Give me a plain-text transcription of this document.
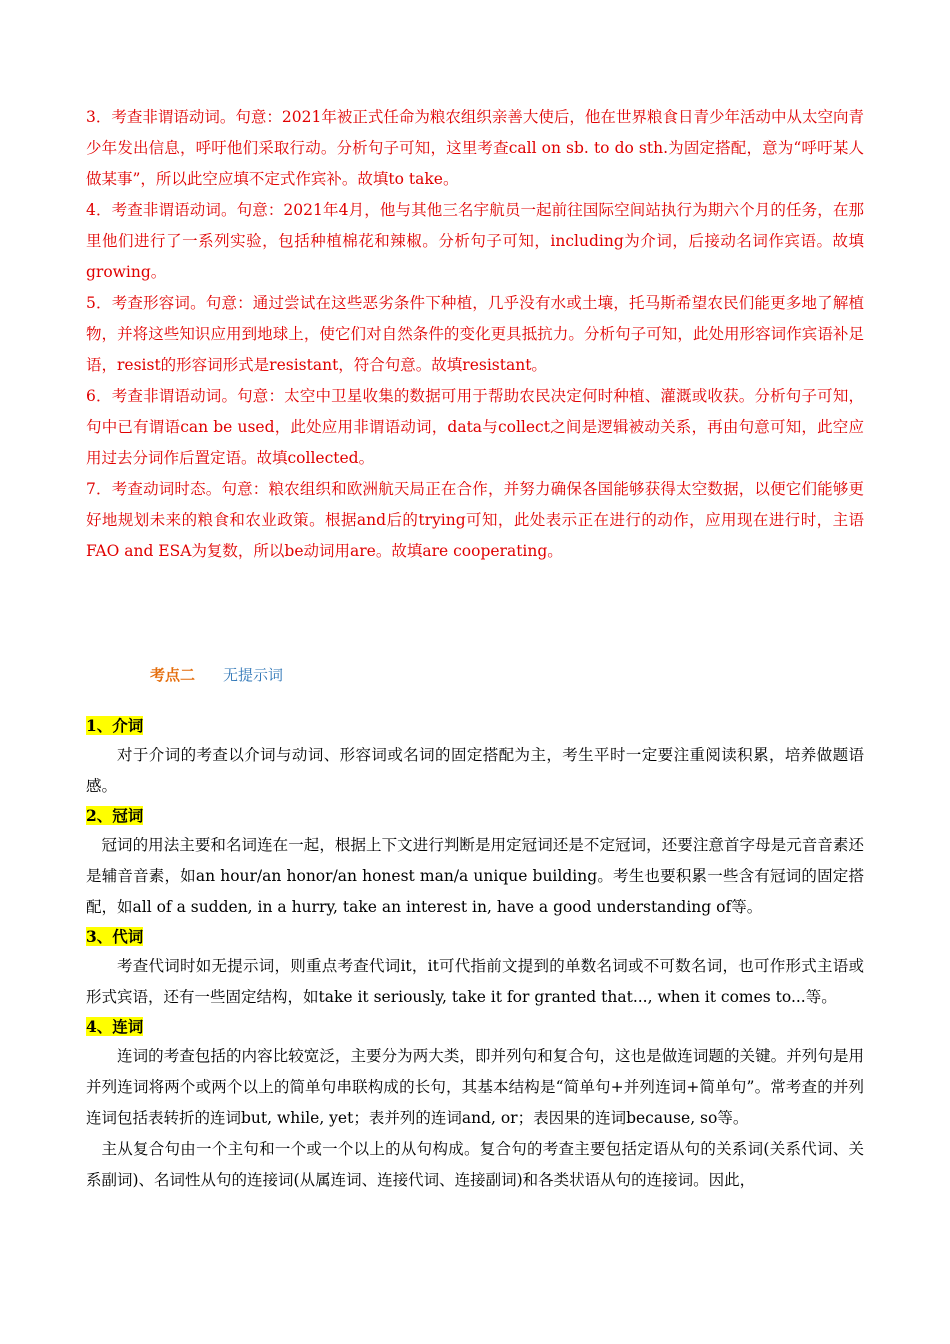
3．考查非谓语动词。句意：2021年被正式任命为粮农组织亲善大使后，他在世界粮食日青少年活动中从太空向青少年发出信息，呼吁他们采取行动。分析句子可知，这里考查call on sb. to do sth.为固定搭配，意为“呼吁某人做某事”，所以此空应填不定式作宾补。故填to take。

4．考查非谓语动词。句意：2021年4月，他与其他三名宇航员一起前往国际空间站执行为期六个月的任务，在那里他们进行了一系列实验，包括种植棉花和辣椒。分析句子可知，including为介词，后接动名词作宾语。故填growing。

5．考查形容词。句意：通过尝试在这些恶劣条件下种植，几乎没有水或土壤，托马斯希望农民们能更多地了解植物，并将这些知识应用到地球上，使它们对自然条件的变化更具抵抗力。分析句子可知，此处用形容词作宾语补足语，resist的形容词形式是resistant，符合句意。故填resistant。

6．考查非谓语动词。句意：太空中卫星收集的数据可用于帮助农民决定何时种植、灌溉或收获。分析句子可知，句中已有谓语can be used，此处应用非谓语动词，data与collect之间是逻辑被动关系，再由句意可知，此空应用过去分词作后置定语。故填collected。

7．考查动词时态。句意：粮农组织和欧洲航天局正在合作，并努力确保各国能够获得太空数据，以便它们能够更好地规划未来的粮食和农业政策。根据and后的trying可知，此处表示正在进行的动作，应用现在进行时，主语FAO and ESA为复数，所以be动词用are。故填are cooperating。

考点二 无提示词

1、介词

对于介词的考查以介词与动词、形容词或名词的固定搭配为主，考生平时一定要注重阅读积累，培养做题语感。

2、冠词

冠词的用法主要和名词连在一起，根据上下文进行判断是用定冠词还是不定冠词，还要注意首字母是元音音素还是辅音音素，如an hour/an honor/an honest man/a unique building。考生也要积累一些含有冠词的固定搭配，如all of a sudden, in a hurry, take an interest in, have a good understanding of等。

3、代词

考查代词时如无提示词，则重点考查代词it，it可代指前文提到的单数名词或不可数名词，也可作形式主语或形式宾语，还有一些固定结构，如take it seriously, take it for granted that..., when it comes to...等。

4、连词

连词的考查包括的内容比较宽泛，主要分为两大类，即并列句和复合句，这也是做连词题的关键。并列句是用并列连词将两个或两个以上的简单句串联构成的长句，其基本结构是“简单句+并列连词+简单句”。常考查的并列连词包括表转折的连词but, while, yet；表并列的连词and, or；表因果的连词because, so等。

主从复合句由一个主句和一个或一个以上的从句构成。复合句的考查主要包括定语从句的关系词(关系代词、关系副词)、名词性从句的连接词(从属连词、连接代词、连接副词)和各类状语从句的连接词。因此，
